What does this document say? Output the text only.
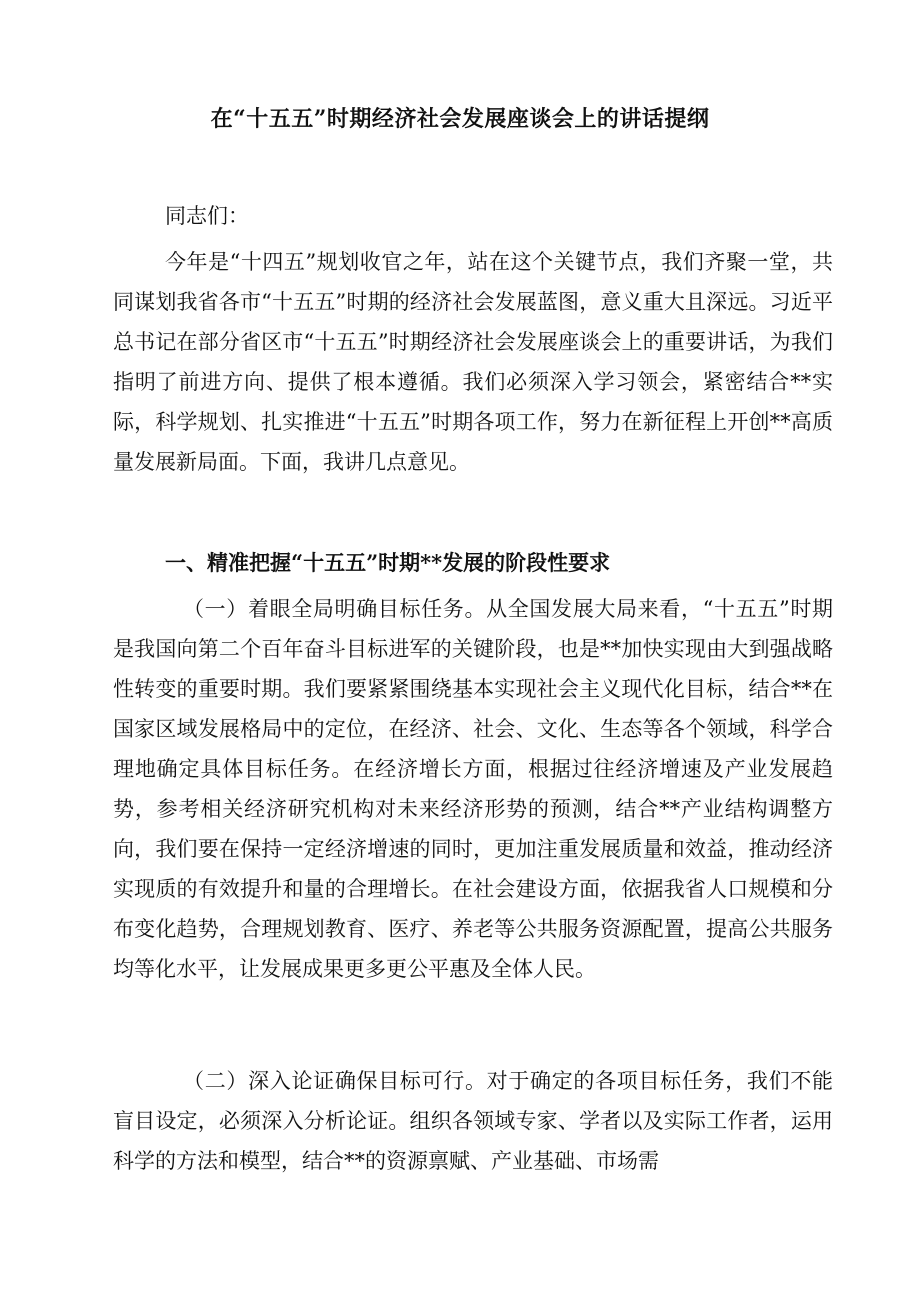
在“十五五”时期经济社会发展座谈会上的讲话提纲

同志们：

今年是“十四五”规划收官之年，站在这个关键节点，我们齐聚一堂，共同谋划我省各市“十五五”时期的经济社会发展蓝图，意义重大且深远。习近平总书记在部分省区市“十五五”时期经济社会发展座谈会上的重要讲话，为我们指明了前进方向、提供了根本遵循。我们必须深入学习领会，紧密结合**实际，科学规划、扎实推进“十五五”时期各项工作，努力在新征程上开创**高质量发展新局面。下面，我讲几点意见。

一、精准把握“十五五”时期**发展的阶段性要求

（一）着眼全局明确目标任务。从全国发展大局来看，“十五五”时期是我国向第二个百年奋斗目标进军的关键阶段，也是**加快实现由大到强战略性转变的重要时期。我们要紧紧围绕基本实现社会主义现代化目标，结合**在国家区域发展格局中的定位，在经济、社会、文化、生态等各个领域，科学合理地确定具体目标任务。在经济增长方面，根据过往经济增速及产业发展趋势，参考相关经济研究机构对未来经济形势的预测，结合**产业结构调整方向，我们要在保持一定经济增速的同时，更加注重发展质量和效益，推动经济实现质的有效提升和量的合理增长。在社会建设方面，依据我省人口规模和分布变化趋势，合理规划教育、医疗、养老等公共服务资源配置，提高公共服务均等化水平，让发展成果更多更公平惠及全体人民。

（二）深入论证确保目标可行。对于确定的各项目标任务，我们不能盲目设定，必须深入分析论证。组织各领域专家、学者以及实际工作者，运用科学的方法和模型，结合**的资源禀赋、产业基础、市场需
